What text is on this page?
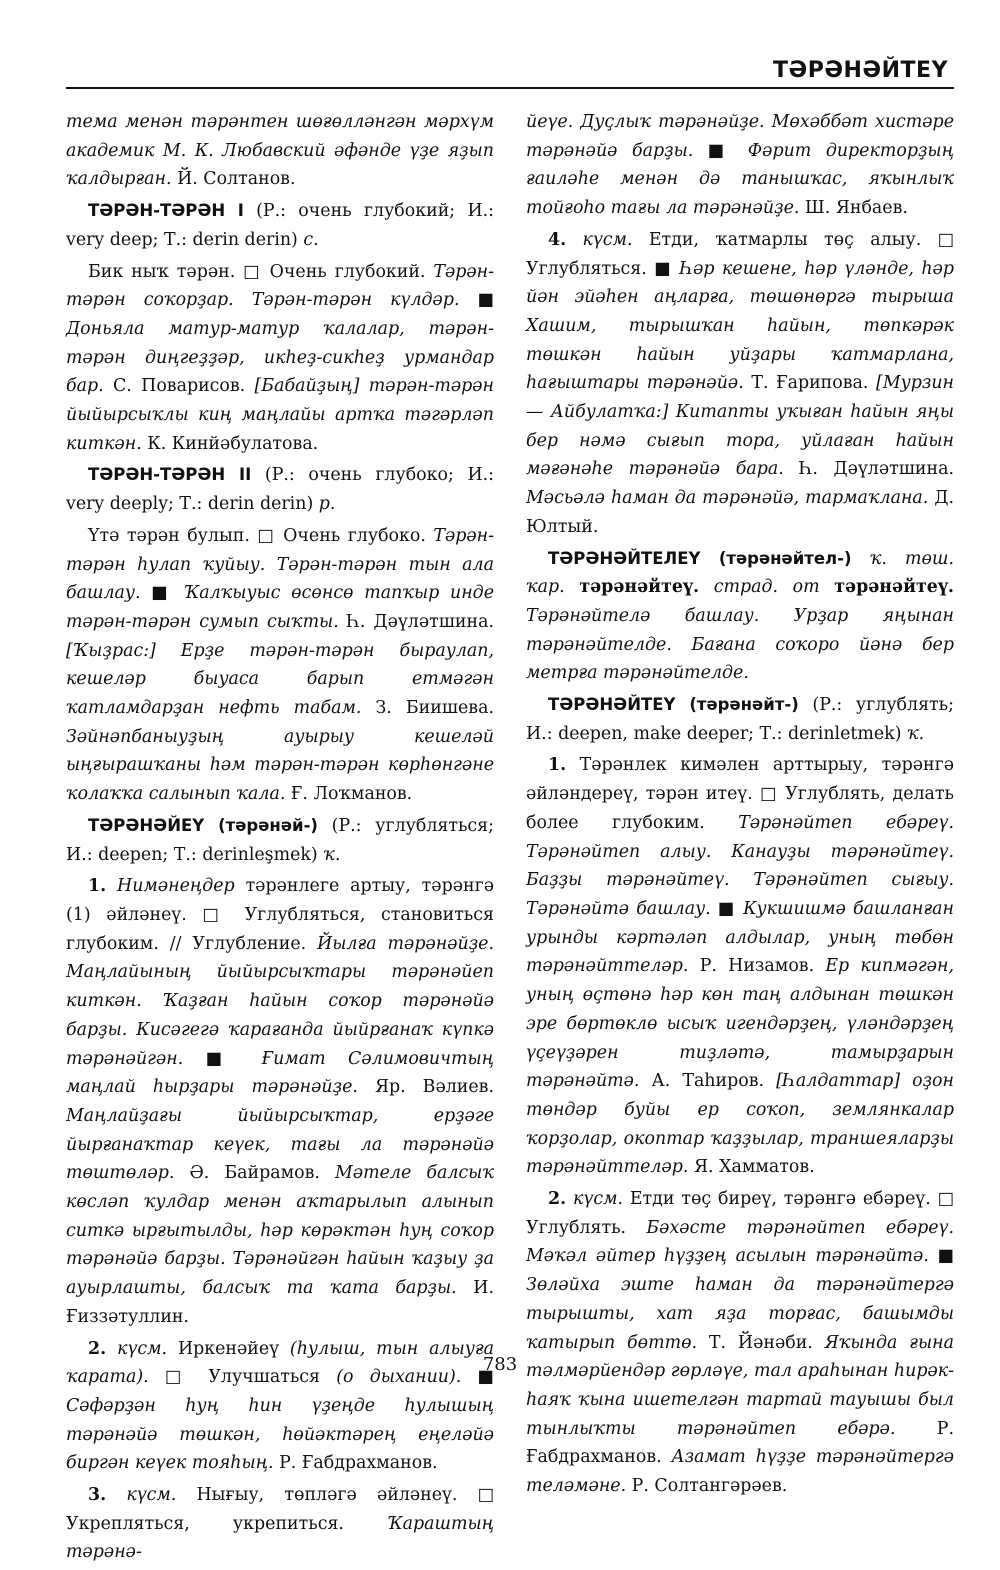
ТӘРӘНӘЙТЕҮ

тема менән тәрәнтен шөғөлләнгән мәрхүм академик М. К. Любавский әфәнде үҙе яҙып ҡалдырған. Й. Солтанов.

ТӘРӘН-ТӘРӘН I (Р.: очень глубокий; И.: very deep; Т.: derin derin) с.

Бик ныҡ тәрән. □ Очень глубокий. Тәрән-тәрән соҡорҙар. Тәрән-тәрән күлдәр. ■ Доньяла матур-матур ҡалалар, тәрән-тәрән диңгеҙҙәр, икһеҙ-сикһеҙ урмандар бар. С. Поварисов. [Бабайҙың] тәрән-тәрән йыйырсыҡлы киң маңлайы артҡа тәгәрләп киткән. К. Кинйәбулатова.

ТӘРӘН-ТӘРӘН II (Р.: очень глубоко; И.: very deeply; Т.: derin derin) р.

Үтә тәрән булып. □ Очень глубоко. Тәрән-тәрән һулап ҡуйыу. Тәрән-тәрән тын ала башлау. ■ Ҡалҡыуыс өсөнсө тапҡыр инде тәрән-тәрән сумып сыҡты. Һ. Дәүләтшина. [Ҡыҙрас:] Ерҙе тәрән-тәрән быраулап, кешеләр быуаса барып етмәгән ҡатламдарҙан нефть табам. З. Биишева. Зәйнәпбаныуҙың ауырыу кешеләй ыңғырашҡаны һәм тәрән-тәрән көрһөнгәне ҡолаҡҡа салынып ҡала. Ғ. Лоҡманов.

ТӘРӘНӘЙЕҮ (тәрәнәй-) (Р.: углубляться; И.: deepen; Т.: derinleşmek) ҡ.

1. Нимәнеңдер тәрәнлеге артыу, тәрәнгә (1) әйләнеү. □ Углубляться, становиться глубоким. // Углубление. Йылға тәрәнәйҙе. Маңлайының йыйырсыҡтары тәрәнәйеп киткән. Ҡаҙған һайын соҡор тәрәнәйә барҙы. Кисәгегә ҡарағанда йыйрғанаҡ күпкә тәрәнәйгән. ■ Ғимат Сәлимовичтың маңлай һырҙары тәрәнәйҙе. Яр. Вәлиев. Маңлайҙағы йыйырсыҡтар, ерҙәге йырғанаҡтар кеүек, тағы ла тәрәнәйә төштөләр. Ә. Байрамов. Мәтеле балсыҡ көсләп ҡулдар менән аҡтарылып алынып ситкә ырғытылды, һәр көрәктән һуң соҡор тәрәнәйә барҙы. Тәрәнәйгән һайын ҡаҙыу ҙа ауырлашты, балсыҡ та ҡата барҙы. И. Ғиззәтуллин.

2. күсм. Иркенәйеү (һулыш, тын алыуға ҡарата). □ Улучшаться (о дыхании). ■ Сәфәрҙән һуң һин үҙеңде һулышың тәрәнәйә төшкән, һөйәктәрең еңеләйә биргән кеүек тояһың. Р. Ғабдрахманов.

3. күсм. Нығыу, төпләгә әйләнеү. □ Укрепляться, укрепиться. Ҡараштың тәрәнә-

йеүе. Дуҫлыҡ тәрәнәйҙе. Мөхәббәт хистәре тәрәнәйә барҙы. ■ Фәрит директорҙың ғаиләһе менән дә танышҡас, яҡынлыҡ тойғоһо тағы ла тәрәнәйҙе. Ш. Янбаев.

4. күсм. Етди, ҡатмарлы төҫ алыу. □ Углубляться. ■ Һәр кешене, һәр үләнде, һәр йән эйәһен аңларға, төшөнөргә тырыша Хашим, тырышҡан һайын, төпкәрәк төшкән һайын уйҙары ҡатмарлана, һағыштары тәрәнәйә. Т. Ғарипова. [Мурзин — Айбулатҡа:] Китапты уҡыған һайын яңы бер нәмә сығып тора, уйлаған һайын мәғәнәһе тәрәнәйә бара. Һ. Дәүләтшина. Мәсьәлә һаман да тәрәнәйә, тармаҡлана. Д. Юлтый.

ТӘРӘНӘЙТЕЛЕҮ (тәрәнәйтел-) ҡ. төш. ҡар. тәрәнәйтеү. страд. от тәрәнәйтеү. Тәрәнәйтелә башлау. Урҙар яңынан тәрәнәйтелде. Бағана соҡоро йәнә бер метрға тәрәнәйтелде.

ТӘРӘНӘЙТЕҮ (тәрәнәйт-) (Р.: углублять; И.: deepen, make deeper; Т.: derinletmek) ҡ.

1. Тәрәнлек кимәлен арттырыу, тәрәнгә әйләндереү, тәрән итеү. □ Углублять, делать более глубоким. Тәрәнәйтеп ебәреү. Тәрәнәйтеп алыу. Канауҙы тәрәнәйтеү. Баҙҙы тәрәнәйтеү. Тәрәнәйтеп сығыу. Тәрәнәйтә башлау. ■ Кукшишмә башланған урынды кәртәләп алдылар, уның төбөн тәрәнәйттеләр. Р. Низамов. Ер кипмәгән, уның өҫтөнә һәр көн таң алдынан төшкән эре бөртөклө ысыҡ игендәрҙең, үләндәрҙең үҫеүҙәрен тиҙләтә, тамырҙарын тәрәнәйтә. А. Таһиров. [Һалдаттар] оҙон төндәр буйы ер соҡоп, землянкалар ҡорҙолар, окоптар ҡаҙҙылар, траншеяларҙы тәрәнәйттеләр. Я. Хамматов.

2. күсм. Етди төҫ биреү, тәрәнгә ебәреү. □ Углублять. Бәхәсте тәрәнәйтеп ебәреү. Мәҡәл әйтер һүҙҙең асылын тәрәнәйтә. ■ Зөләйха эште һаман да тәрәнәйтергә тырышты, хат яҙа торғас, башымды ҡатырып бөттө. Т. Йәнәби. Яҡында ғына тәлмәрйендәр гөрләүе, тал араһынан һирәк-һаяҡ ҡына ишетелгән тартай тауышы был тынлыҡты тәрәнәйтеп ебәрә. Р. Ғабдрахманов. Азамат һүҙҙе тәрәнәйтергә теләмәне. Р. Солтангәрәев.

783
